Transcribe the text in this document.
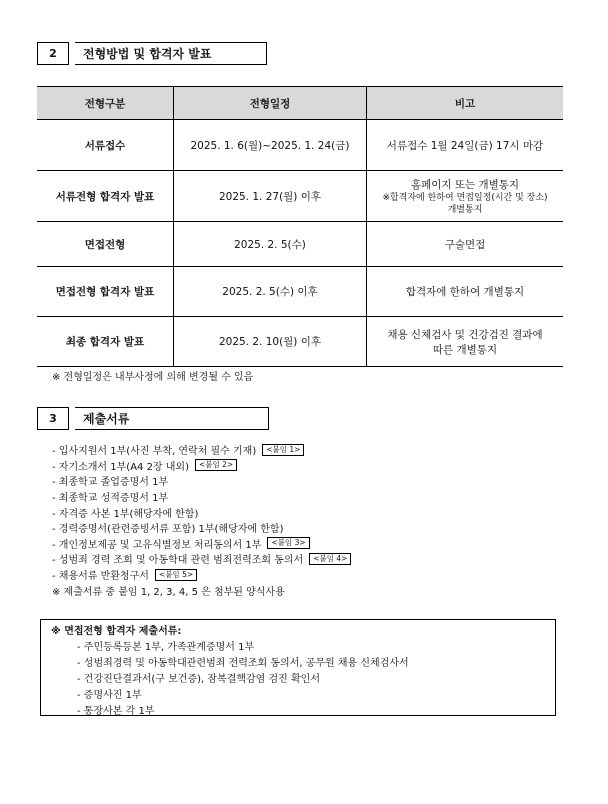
2	전형방법 및 합격자 발표
전형구분	전형일정	비고
서류접수	2025. 1. 6(월)~2025. 1. 24(금)	서류접수 1월 24일(금) 17시 마감
서류전형 합격자 발표	2025. 1. 27(월) 이후	홈페이지 또는 개별통지
※합격자에 한하여 면접일정(시간 및 장소)
개별통지

면접전형	2025. 2. 5(수)	구술면접
면접전형 합격자 발표	2025. 2. 5(수) 이후	합격자에 한하여 개별통지
최종 합격자 발표	2025. 2. 10(월) 이후	채용 신체검사 및 건강검진 결과에
따른 개별통지
※ 전형일정은 내부사정에 의해 변경될 수 있음
3	제출서류
- 입사지원서 1부(사진 부착, 연락처 필수 기재)	<붙임 1>
- 자기소개서 1부(A4 2장 내외)	<붙임 2>
- 최종학교 졸업증명서 1부
- 최종학교 성적증명서 1부
- 자격증 사본 1부(해당자에 한함)
- 경력증명서(관련증빙서류 포함) 1부(해당자에 한함)
- 개인정보제공 및 고유식별정보 처리동의서 1부	<붙임 3>
- 성범죄 경력 조회 및 아동학대 관련 범죄전력조회 동의서	<붙임 4>
- 채용서류 반환청구서	<붙임 5>
※ 제출서류 중 붙임 1, 2, 3, 4, 5 은 첨부된 양식사용
※ 면접전형 합격자 제출서류:
- 주민등록등본 1부, 가족관계증명서 1부
- 성범죄경력 및 아동학대관련범죄 전력조회 동의서, 공무원 채용 신체검사서
- 건강진단결과서(구 보건증), 잠복결핵감염 검진 확인서
- 증명사진 1부
- 통장사본 각 1부
